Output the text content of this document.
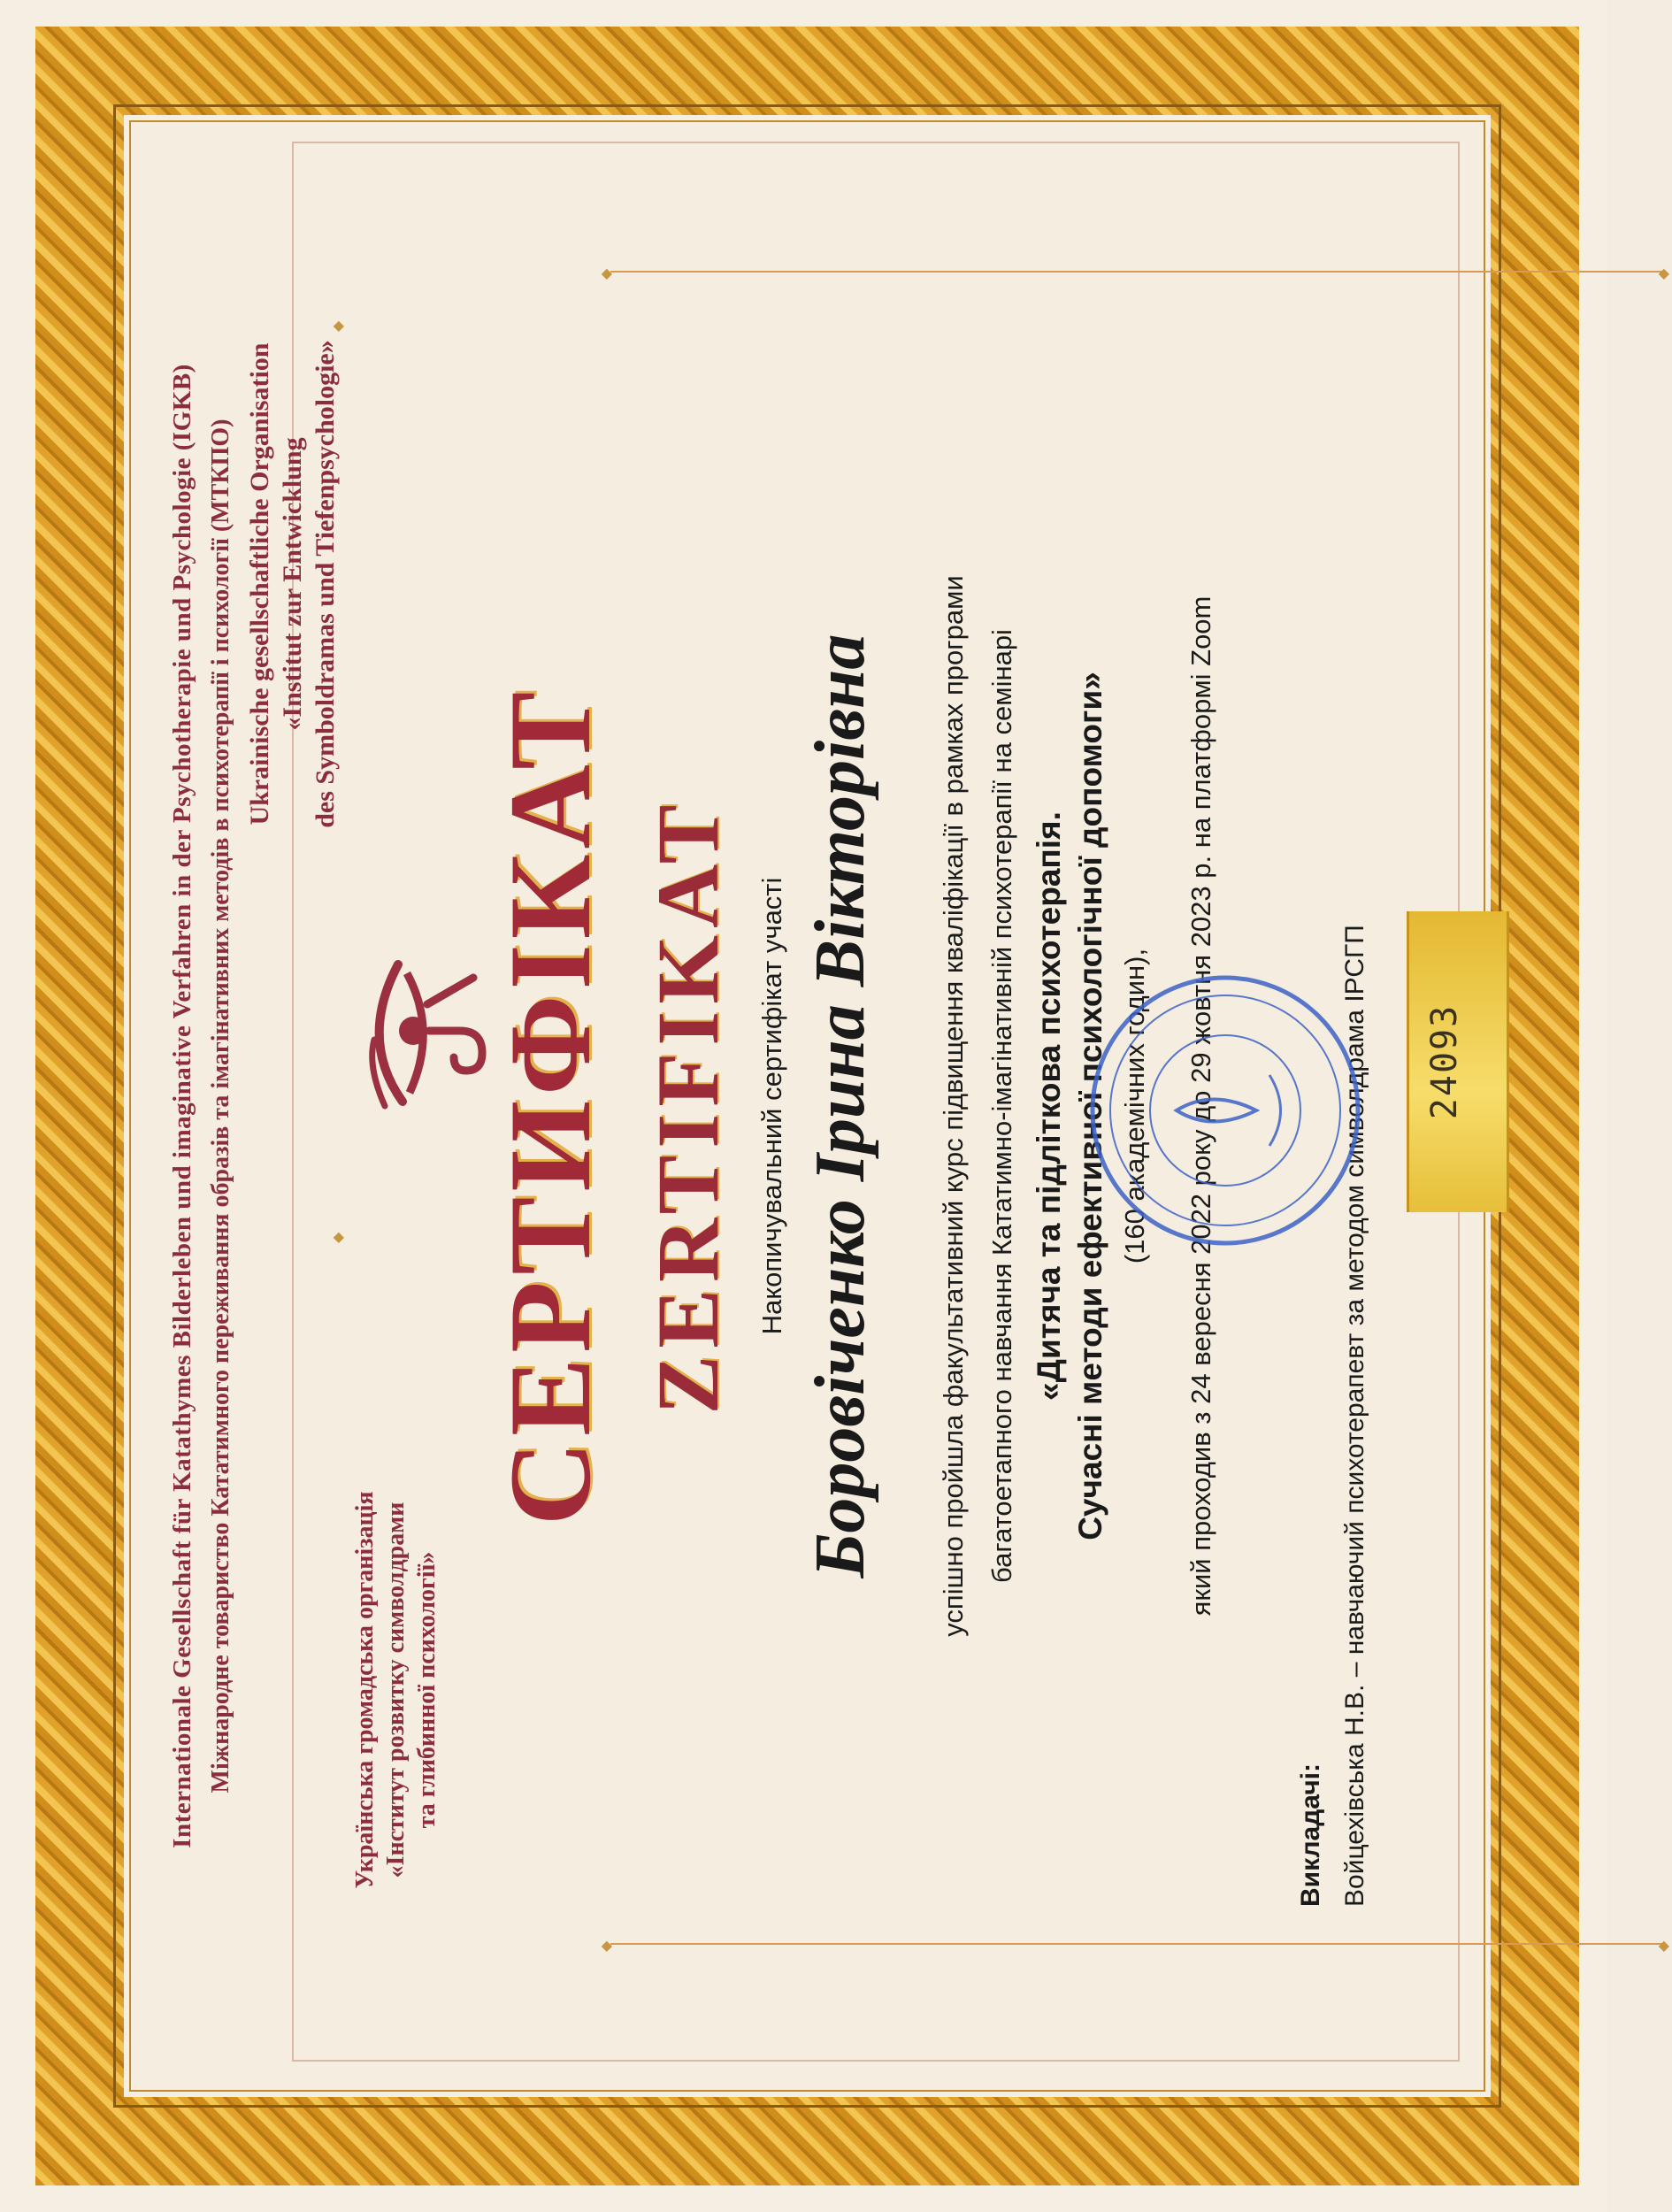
Internationale Gesellschaft für Katathymes Bilderleben und imaginative Verfahren in der Psychotherapie und Psychologie (IGKB) Міжнародне товариство Кататимного переживання образів та імагінативних методів в психотерапії і психології (МТКПО)	◆
◆
Українська громадська організація «Інститут розвитку символдрами та глибинної психології»
Ukrainische gesellschaftliche Organisation «Institut zur Entwicklung des Symboldramas und Tiefenpsychologie»
СЕРТИФІКАТ ZERTIFIKAT Накопичувальний сертифікат участі Боровіченко Ірина Вікторівна успішно пройшла факультативний курс підвищення кваліфікації в рамках програми багатоетапного навчання Кататимно-імагінативній психотерапії на семінарі «Дитяча та підліткова психотерапія. Сучасні методи ефективної психологічної допомоги» (160 академічних годин), який проходив з 24 вересня 2022 року до 29 жовтня 2023 р. на платформі Zoom
◆	◆
◆	◆
Викладачі: Войцехівська Н.В. – навчаючий психотерапевт за методом символдрама ІРСГП 24093
